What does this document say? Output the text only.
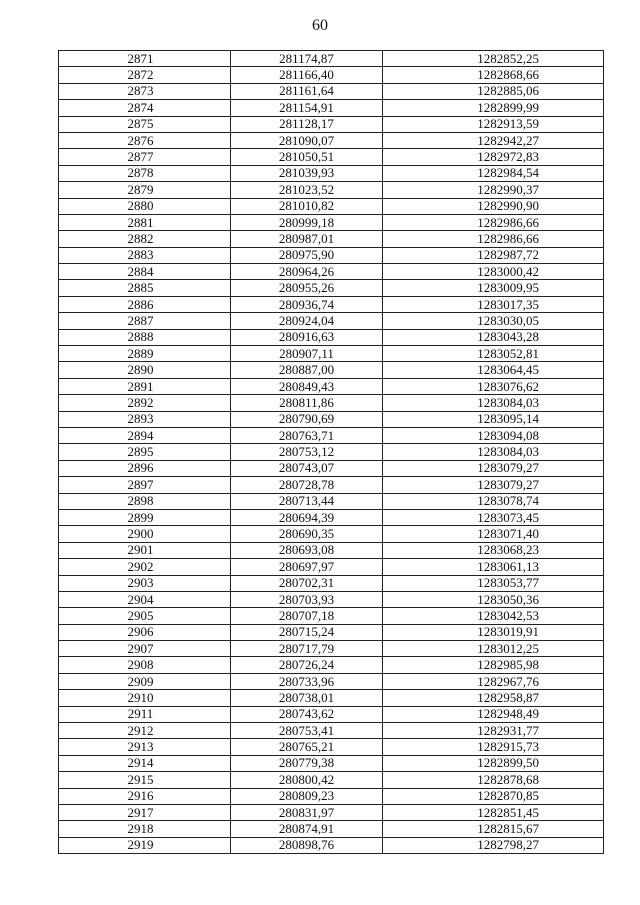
60
2871	281174,87	1282852,25
2872	281166,40	1282868,66
2873	281161,64	1282885,06
2874	281154,91	1282899,99
2875	281128,17	1282913,59
2876	281090,07	1282942,27
2877	281050,51	1282972,83
2878	281039,93	1282984,54
2879	281023,52	1282990,37
2880	281010,82	1282990,90
2881	280999,18	1282986,66
2882	280987,01	1282986,66
2883	280975,90	1282987,72
2884	280964,26	1283000,42
2885	280955,26	1283009,95
2886	280936,74	1283017,35
2887	280924,04	1283030,05
2888	280916,63	1283043,28
2889	280907,11	1283052,81
2890	280887,00	1283064,45
2891	280849,43	1283076,62
2892	280811,86	1283084,03
2893	280790,69	1283095,14
2894	280763,71	1283094,08
2895	280753,12	1283084,03
2896	280743,07	1283079,27
2897	280728,78	1283079,27
2898	280713,44	1283078,74
2899	280694,39	1283073,45
2900	280690,35	1283071,40
2901	280693,08	1283068,23
2902	280697,97	1283061,13
2903	280702,31	1283053,77
2904	280703,93	1283050,36
2905	280707,18	1283042,53
2906	280715,24	1283019,91
2907	280717,79	1283012,25
2908	280726,24	1282985,98
2909	280733,96	1282967,76
2910	280738,01	1282958,87
2911	280743,62	1282948,49
2912	280753,41	1282931,77
2913	280765,21	1282915,73
2914	280779,38	1282899,50
2915	280800,42	1282878,68
2916	280809,23	1282870,85
2917	280831,97	1282851,45
2918	280874,91	1282815,67
2919	280898,76	1282798,27
